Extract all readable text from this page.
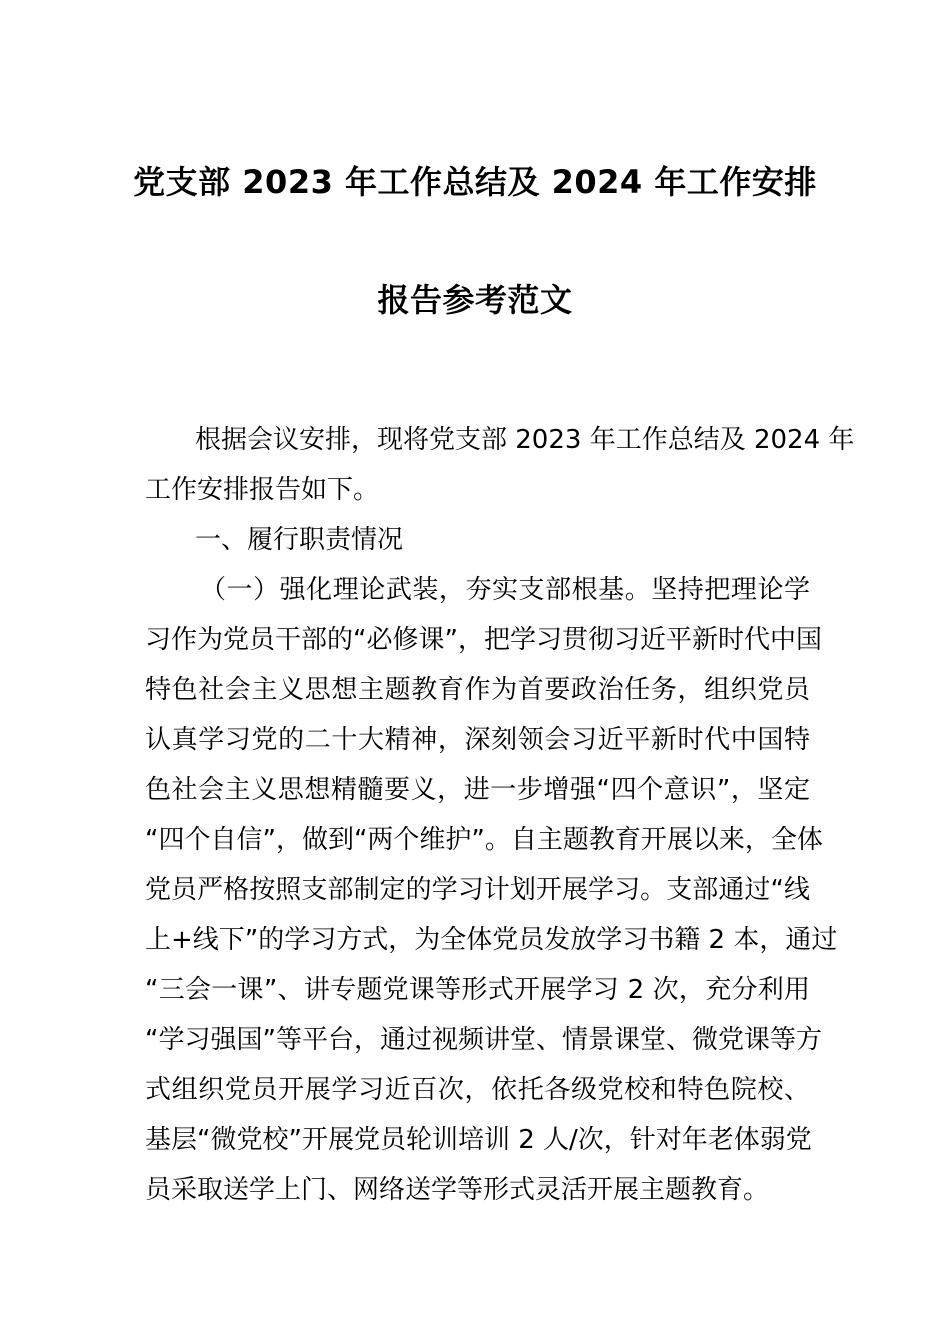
党支部 2023 年工作总结及 2024 年工作安排
报告参考范文
根据会议安排，现将党支部 2023 年工作总结及 2024 年
工作安排报告如下。
一、履行职责情况
（一）强化理论武装，夯实支部根基。坚持把理论学
习作为党员干部的“必修课”，把学习贯彻习近平新时代中国
特色社会主义思想主题教育作为首要政治任务，组织党员
认真学习党的二十大精神，深刻领会习近平新时代中国特
色社会主义思想精髓要义，进一步增强“四个意识”，坚定
“四个自信”，做到“两个维护”。自主题教育开展以来，全体
党员严格按照支部制定的学习计划开展学习。支部通过“线
上+线下”的学习方式，为全体党员发放学习书籍 2 本，通过
“三会一课”、讲专题党课等形式开展学习 2 次，充分利用
“学习强国”等平台，通过视频讲堂、情景课堂、微党课等方
式组织党员开展学习近百次，依托各级党校和特色院校、
基层“微党校”开展党员轮训培训 2 人/次，针对年老体弱党
员采取送学上门、网络送学等形式灵活开展主题教育。
